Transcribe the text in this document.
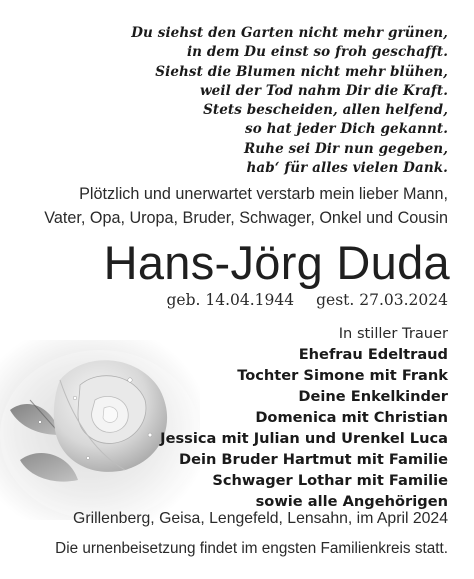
Du siehst den Garten nicht mehr grünen,
in dem Du einst so froh geschafft.
Siehst die Blumen nicht mehr blühen,
weil der Tod nahm Dir die Kraft.
Stets bescheiden, allen helfend,
so hat jeder Dich gekannt.
Ruhe sei Dir nun gegeben,
hab‘ für alles vielen Dank.
Plötzlich und unerwartet verstarb mein lieber Mann,
Vater, Opa, Uropa, Bruder, Schwager, Onkel und Cousin
Hans-Jörg Duda
geb. 14.04.1944 gest. 27.03.2024
In stiller Trauer
Ehefrau Edeltraud
Tochter Simone mit Frank
Deine Enkelkinder
Domenica mit Christian
Jessica mit Julian und Urenkel Luca
Dein Bruder Hartmut mit Familie
Schwager Lothar mit Familie
sowie alle Angehörigen
Grillenberg, Geisa, Lengefeld, Lensahn, im April 2024
Die urnenbeisetzung findet im engsten Familienkreis statt.
